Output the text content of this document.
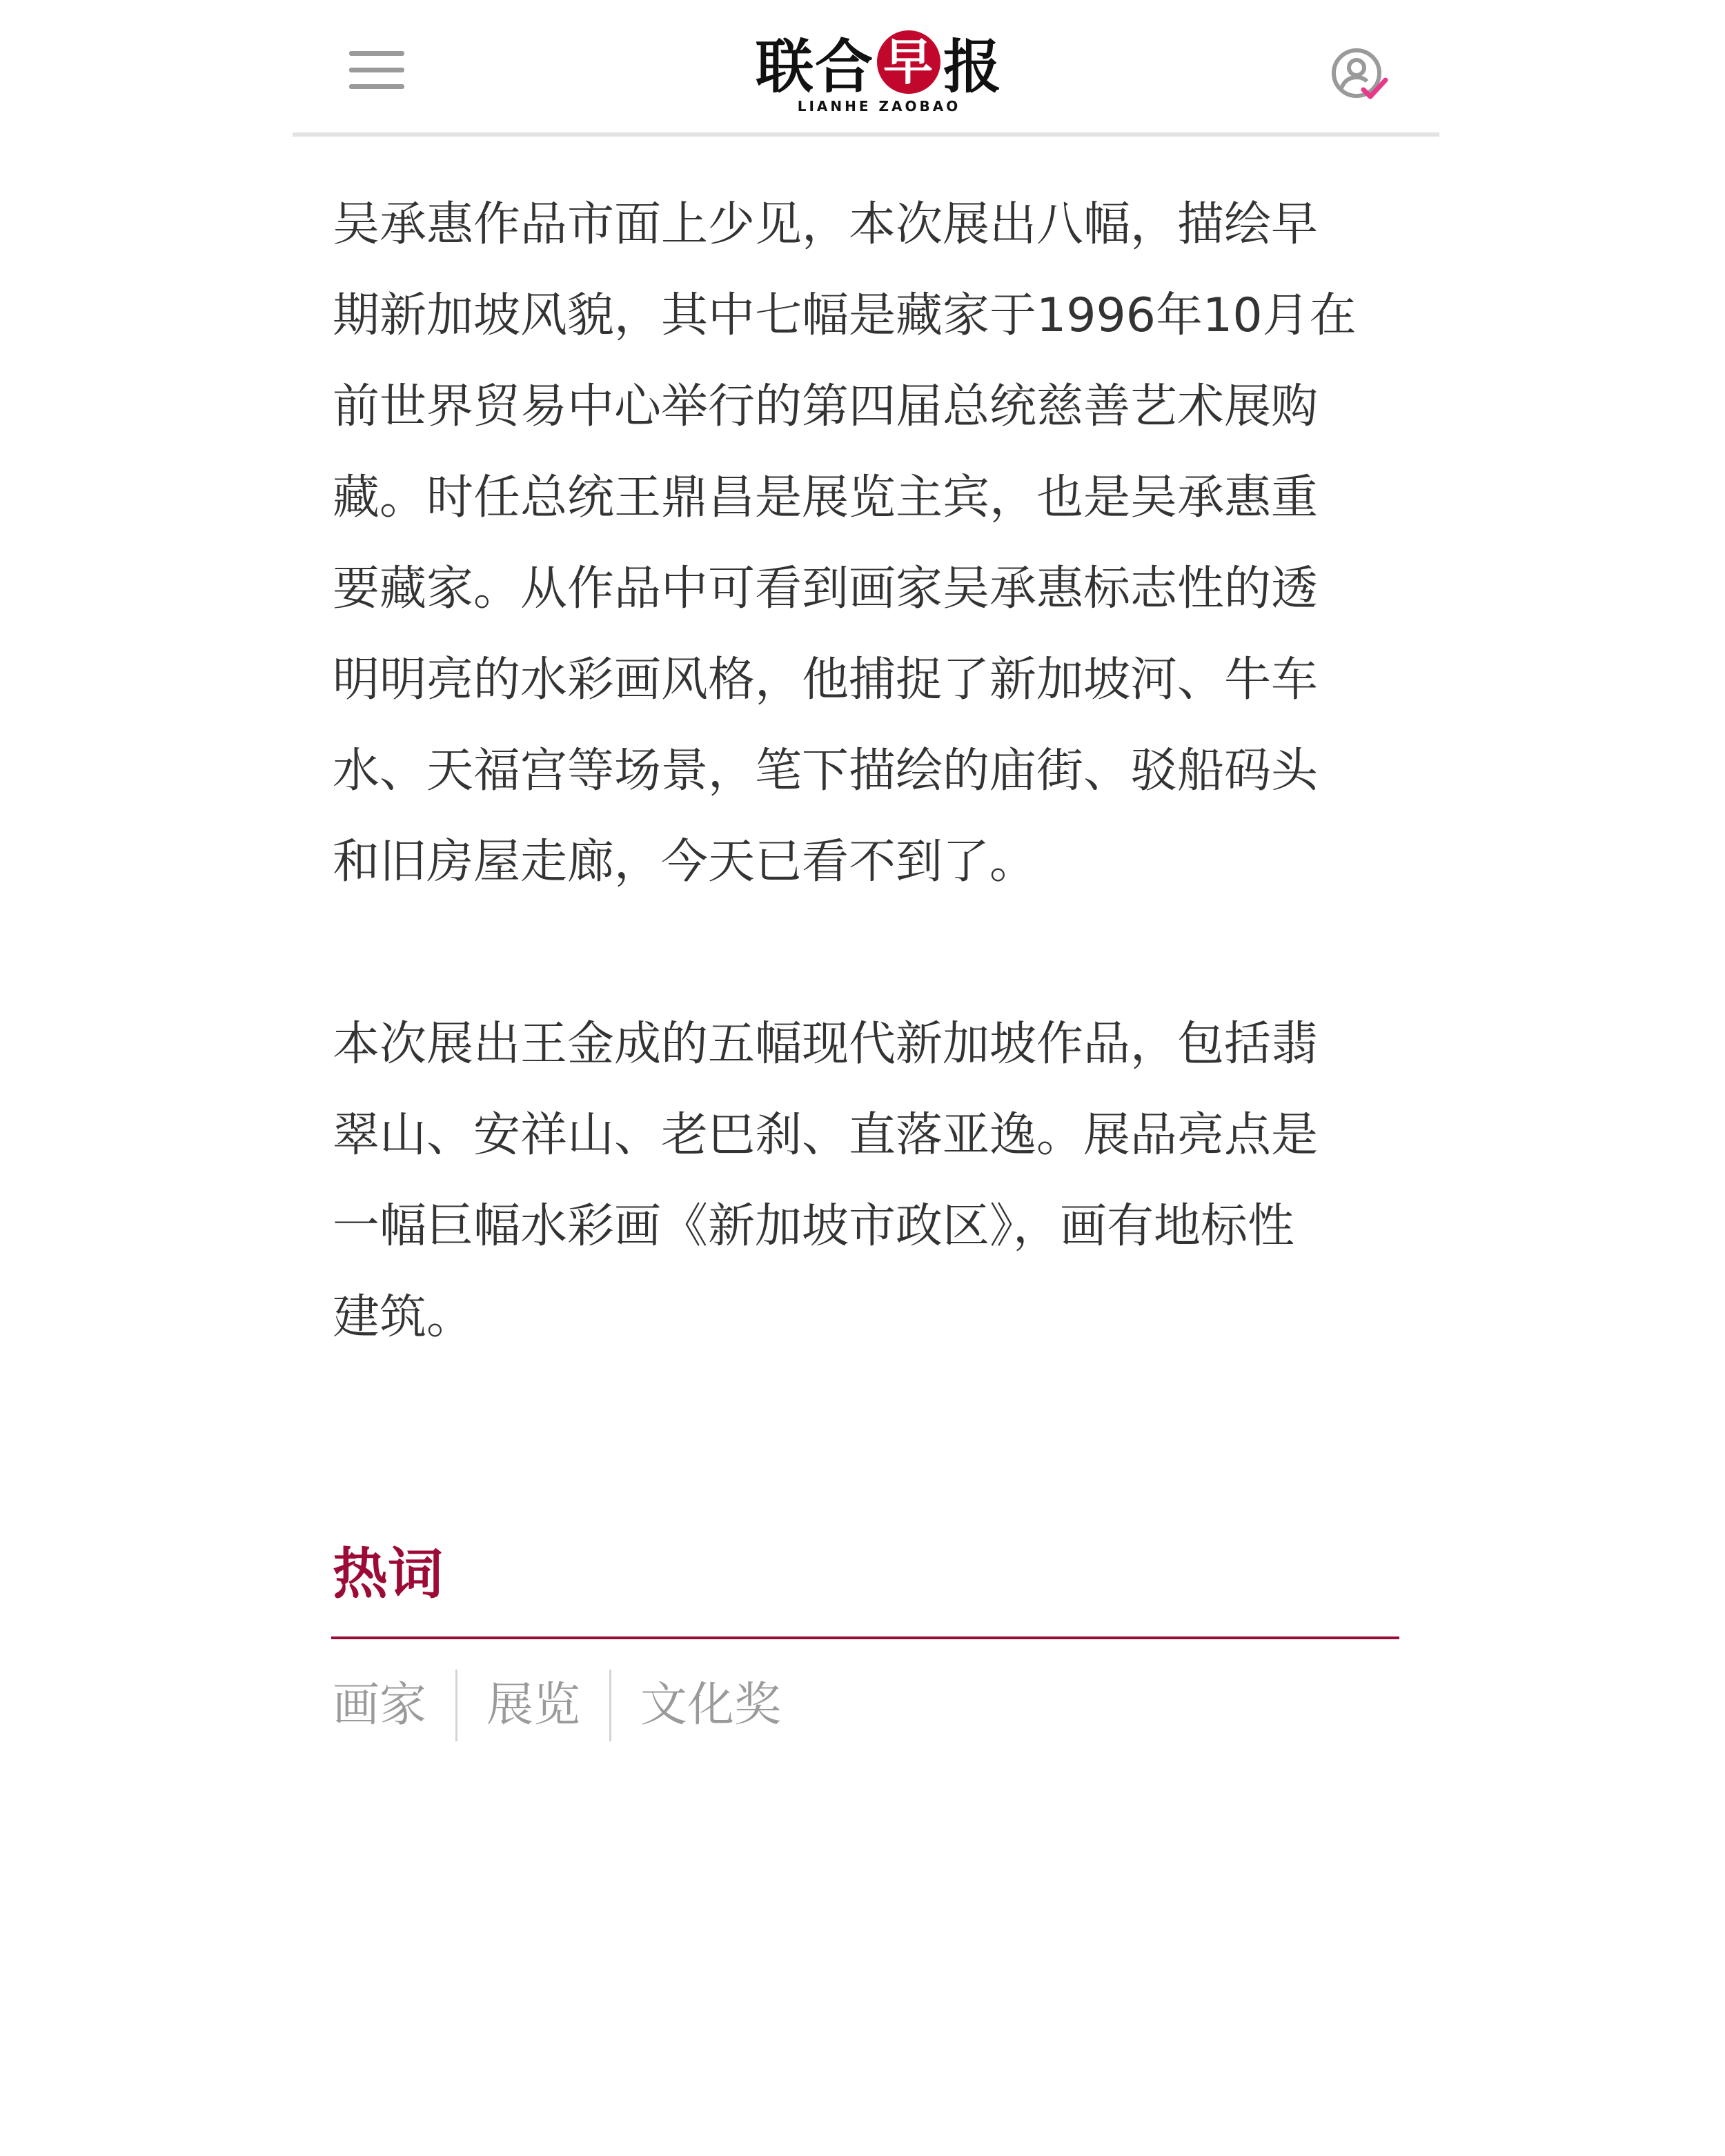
联 合 早 报
LIANHE ZAOBAO

吴承惠作品市面上少见，本次展出八幅，描绘早
期新加坡风貌，其中七幅是藏家于1996年10月在
前世界贸易中心举行的第四届总统慈善艺术展购
藏。时任总统王鼎昌是展览主宾，也是吴承惠重
要藏家。从作品中可看到画家吴承惠标志性的透
明明亮的水彩画风格，他捕捉了新加坡河、牛车
水、天福宫等场景，笔下描绘的庙街、驳船码头
和旧房屋走廊，今天已看不到了。

本次展出王金成的五幅现代新加坡作品，包括翡
翠山、安祥山、老巴刹、直落亚逸。展品亮点是
一幅巨幅水彩画《新加坡市政区》，画有地标性
建筑。

热词
画家	展览	文化奖
